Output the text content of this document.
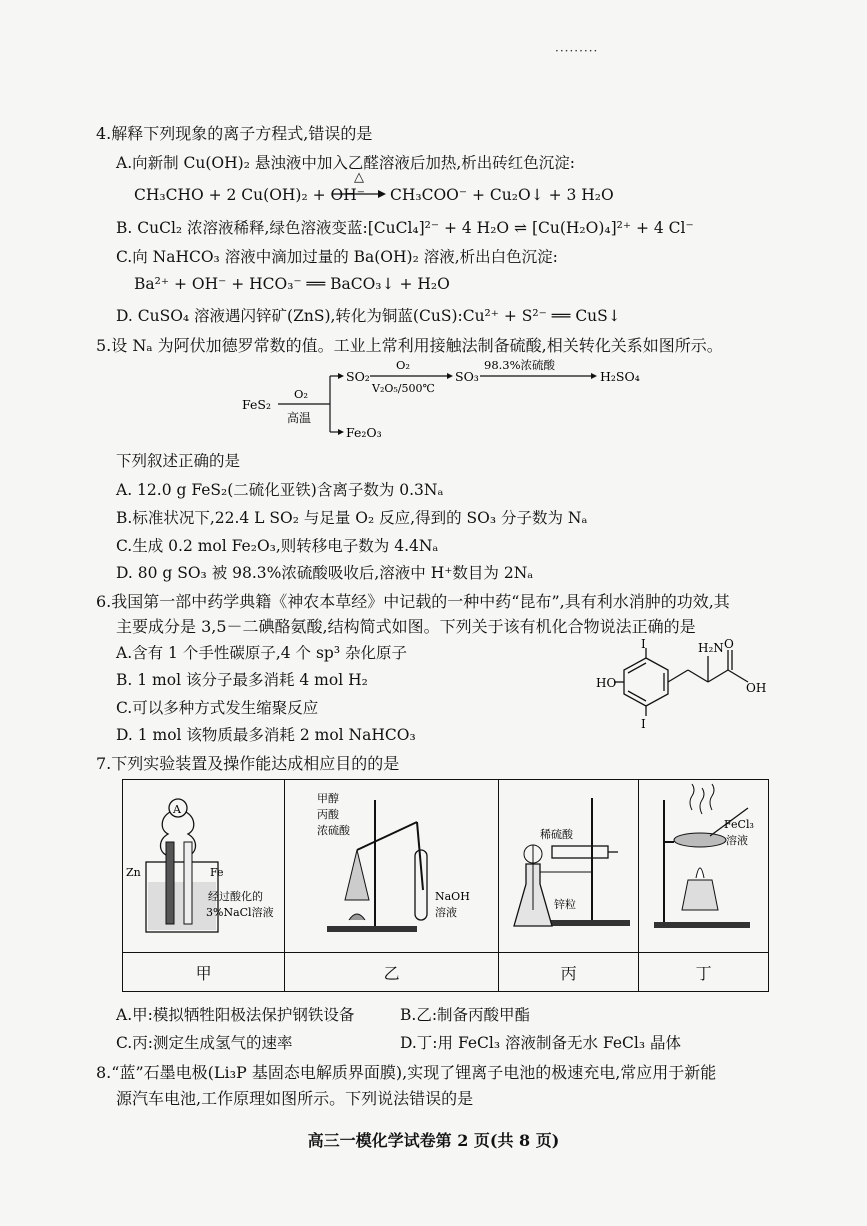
·········
4.解释下列现象的离子方程式,错误的是
A.向新制 Cu(OH)₂ 悬浊液中加入乙醛溶液后加热,析出砖红色沉淀:
CH₃CHO + 2 Cu(OH)₂ + OH⁻
△
→ CH₃COO⁻ + Cu₂O↓ + 3 H₂O
B. CuCl₂ 浓溶液稀释,绿色溶液变蓝:[CuCl₄]²⁻ + 4 H₂O ⇌ [Cu(H₂O)₄]²⁺ + 4 Cl⁻
C.向 NaHCO₃ 溶液中滴加过量的 Ba(OH)₂ 溶液,析出白色沉淀:
Ba²⁺ + OH⁻ + HCO₃⁻ ══ BaCO₃↓ + H₂O
D. CuSO₄ 溶液遇闪锌矿(ZnS),转化为铜蓝(CuS):Cu²⁺ + S²⁻ ══ CuS↓
5.设 Nₐ 为阿伏加德罗常数的值。工业上常利用接触法制备硫酸,相关转化关系如图所示。
FeS₂
O₂
高温
SO₂
O₂
V₂O₅/500℃
SO₃
98.3%浓硫酸
H₂SO₄
Fe₂O₃
下列叙述正确的是
A. 12.0 g FeS₂(二硫化亚铁)含离子数为 0.3Nₐ
B.标准状况下,22.4 L SO₂ 与足量 O₂ 反应,得到的 SO₃ 分子数为 Nₐ
C.生成 0.2 mol Fe₂O₃,则转移电子数为 4.4Nₐ
D. 80 g SO₃ 被 98.3%浓硫酸吸收后,溶液中 H⁺数目为 2Nₐ
6.我国第一部中药学典籍《神农本草经》中记载的一种中药“昆布”,具有利水消肿的功效,其
主要成分是 3,5－二碘酪氨酸,结构简式如图。下列关于该有机化合物说法正确的是
A.含有 1 个手性碳原子,4 个 sp³ 杂化原子
B. 1 mol 该分子最多消耗 4 mol H₂
C.可以多种方式发生缩聚反应
D. 1 mol 该物质最多消耗 2 mol NaHCO₃
I
I
HO
H₂N O
OH
7.下列实验装置及操作能达成相应目的的是
A
Zn Fe
经过酸化的
3%NaCl溶液	甲醇
丙酸
浓硫酸
NaOH
溶液	稀硫酸
锌粒	FeCl₃
溶液

甲	乙	丙	丁
A.甲:模拟牺牲阳极法保护钢铁设备	B.乙:制备丙酸甲酯
C.丙:测定生成氢气的速率	D.丁:用 FeCl₃ 溶液制备无水 FeCl₃ 晶体
8.“蓝”石墨电极(Li₃P 基固态电解质界面膜),实现了锂离子电池的极速充电,常应用于新能
源汽车电池,工作原理如图所示。下列说法错误的是
高三一模化学试卷第 2 页(共 8 页)
